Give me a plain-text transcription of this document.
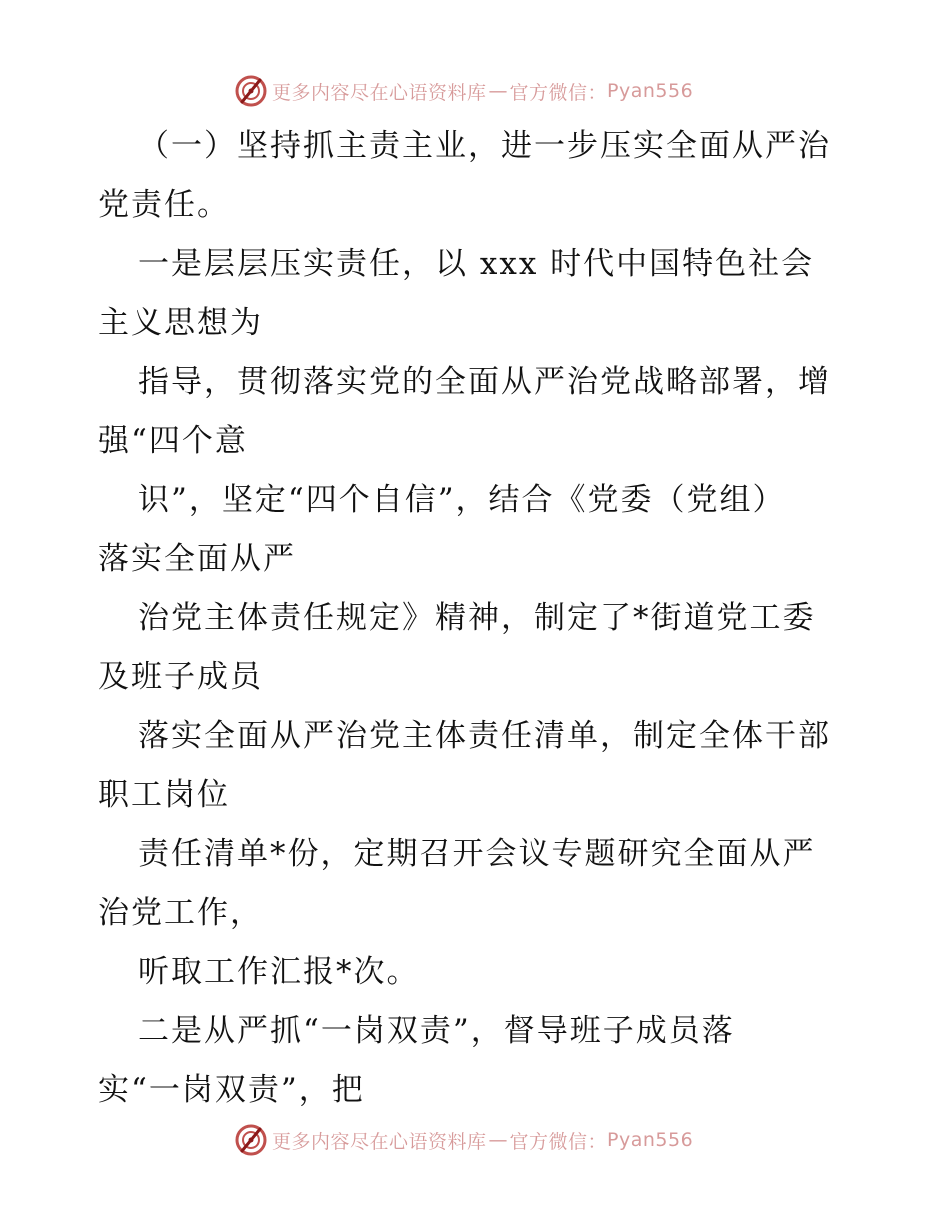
更多内容尽在心语资料库 — 官方微信： Pyan556
（一）坚持抓主责主业，进一步压实全面从严治
党责任。
一是层层压实责任，以 xxx 时代中国特色社会
主义思想为
指导，贯彻落实党的全面从严治党战略部署，增
强“四个意
识”，坚定“四个自信”，结合《党委（党组）
落实全面从严
治党主体责任规定》精神，制定了*街道党工委
及班子成员
落实全面从严治党主体责任清单，制定全体干部
职工岗位
责任清单*份，定期召开会议专题研究全面从严
治党工作，
听取工作汇报*次。
二是从严抓“一岗双责”，督导班子成员落
实“一岗双责”，把
更多内容尽在心语资料库 — 官方微信： Pyan556
